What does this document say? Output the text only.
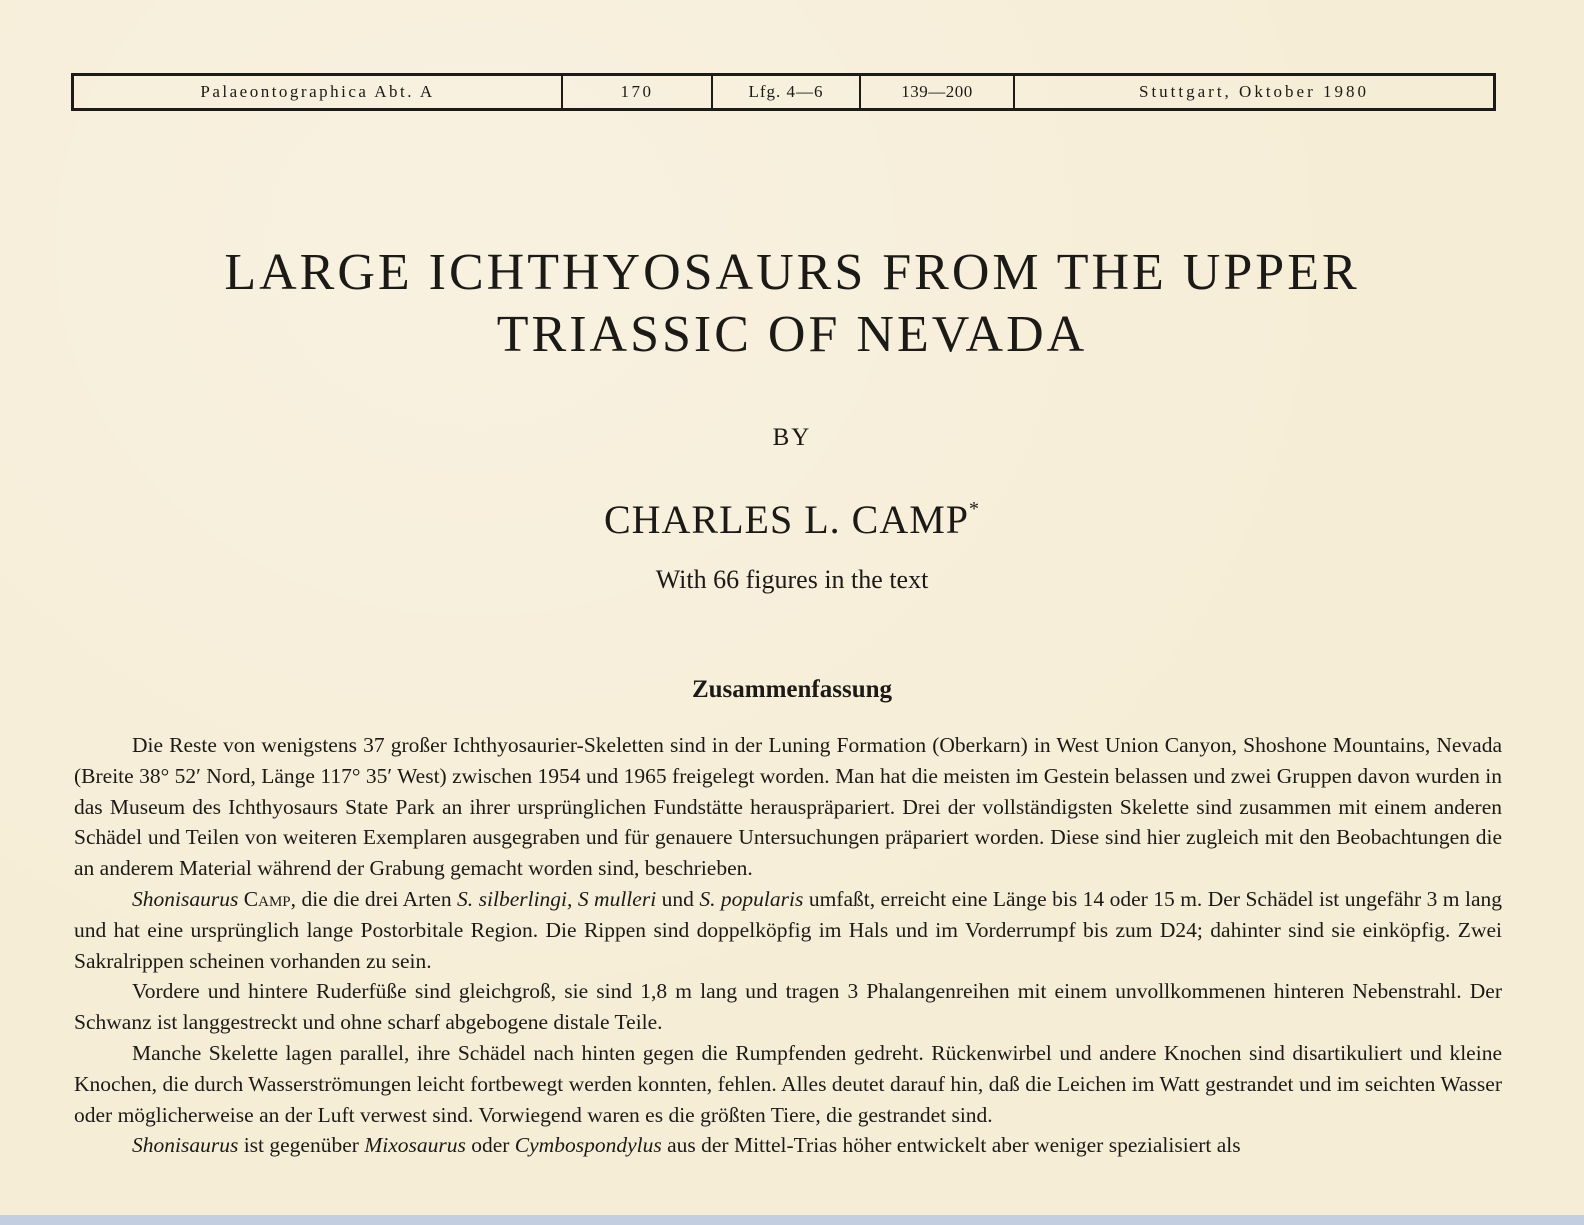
Palaeontographica Abt. A	170	Lfg. 4—6	139—200	Stuttgart, Oktober 1980
LARGE ICHTHYOSAURS FROM THE UPPER
TRIASSIC OF NEVADA
BY
CHARLES L. CAMP*
With 66 figures in the text
Zusammenfassung

Die Reste von wenigstens 37 großer Ichthyosaurier-Skeletten sind in der Luning Formation (Oberkarn) in West Union Canyon, Shoshone Mountains, Nevada (Breite 38° 52′ Nord, Länge 117° 35′ West) zwischen 1954 und 1965 freigelegt worden. Man hat die meisten im Gestein belassen und zwei Gruppen davon wurden in das Museum des Ichthyosaurs State Park an ihrer ursprünglichen Fundstätte herauspräpariert. Drei der vollständigsten Skelette sind zusammen mit einem anderen Schädel und Teilen von weiteren Exemplaren ausgegraben und für genauere Untersuchungen präpariert worden. Diese sind hier zugleich mit den Beobachtungen die an anderem Material während der Grabung gemacht worden sind, beschrieben.

Shonisaurus Camp, die die drei Arten S. silberlingi, S mulleri und S. popularis umfaßt, erreicht eine Länge bis 14 oder 15 m. Der Schädel ist ungefähr 3 m lang und hat eine ursprünglich lange Postorbitale Region. Die Rippen sind doppelköpfig im Hals und im Vorderrumpf bis zum D24; dahinter sind sie einköpfig. Zwei Sakralrippen scheinen vorhanden zu sein.

Vordere und hintere Ruderfüße sind gleichgroß, sie sind 1,8 m lang und tragen 3 Phalangenreihen mit einem unvollkommenen hinteren Nebenstrahl. Der Schwanz ist langgestreckt und ohne scharf abgebogene distale Teile.

Manche Skelette lagen parallel, ihre Schädel nach hinten gegen die Rumpfenden gedreht. Rückenwirbel und andere Knochen sind disartikuliert und kleine Knochen, die durch Wasserströmungen leicht fortbewegt werden konnten, fehlen. Alles deutet darauf hin, daß die Leichen im Watt gestrandet und im seichten Wasser oder möglicherweise an der Luft verwest sind. Vorwiegend waren es die größten Tiere, die gestrandet sind.

Shonisaurus ist gegenüber Mixosaurus oder Cymbospondylus aus der Mittel-Trias höher entwickelt aber weniger spezialisiert als
